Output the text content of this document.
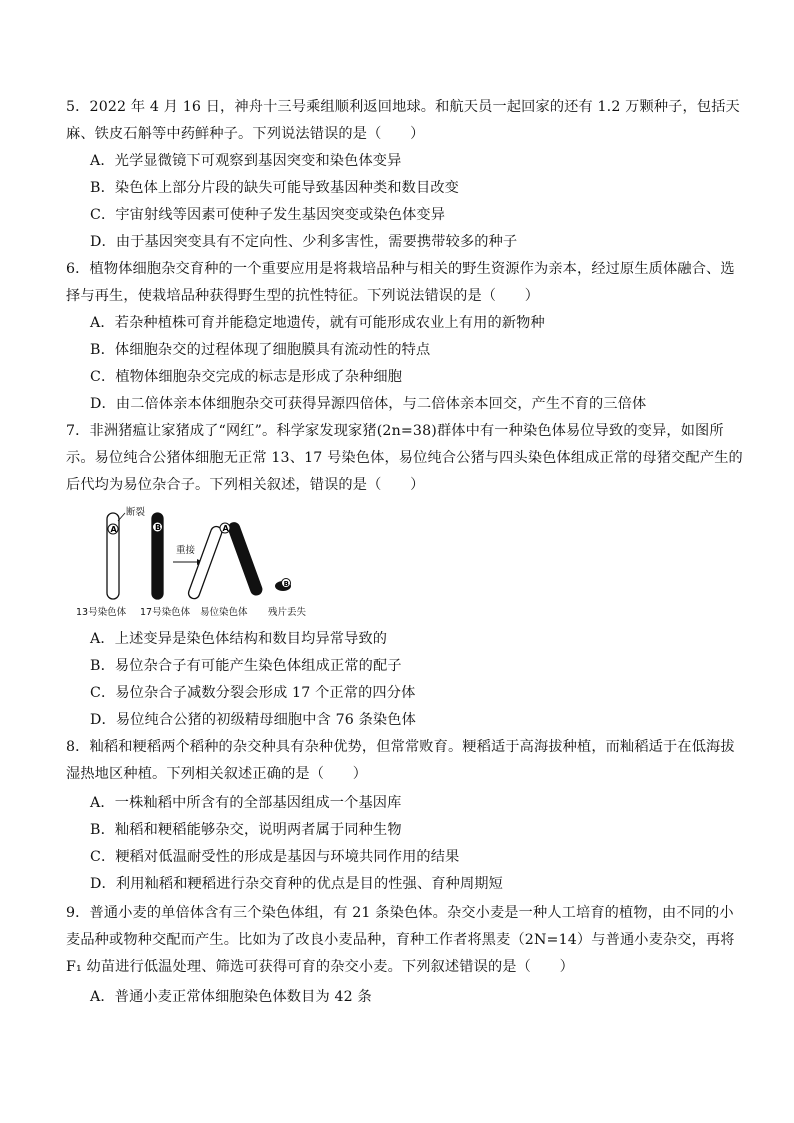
5．2022 年 4 月 16 日，神舟十三号乘组顺利返回地球。和航天员一起回家的还有 1.2 万颗种子，包括天麻、铁皮石斛等中药鲜种子。下列说法错误的是（　　）
A．光学显微镜下可观察到基因突变和染色体变异
B．染色体上部分片段的缺失可能导致基因种类和数目改变
C．宇宙射线等因素可使种子发生基因突变或染色体变异
D．由于基因突变具有不定向性、少利多害性，需要携带较多的种子
6．植物体细胞杂交育种的一个重要应用是将栽培品种与相关的野生资源作为亲本，经过原生质体融合、选择与再生，使栽培品种获得野生型的抗性特征。下列说法错误的是（　　）
A．若杂种植株可育并能稳定地遗传，就有可能形成农业上有用的新物种
B．体细胞杂交的过程体现了细胞膜具有流动性的特点
C．植物体细胞杂交完成的标志是形成了杂种细胞
D．由二倍体亲本体细胞杂交可获得异源四倍体，与二倍体亲本回交，产生不育的三倍体
7．非洲猪瘟让家猪成了“网红”。科学家发现家猪(2n=38)群体中有一种染色体易位导致的变异，如图所示。易位纯合公猪体细胞无正常 13、17 号染色体，易位纯合公猪与四头染色体组成正常的母猪交配产生的后代均为易位杂合子。下列相关叙述，错误的是（　　）
A
断裂
B
重接
A
B
13号染色体 17号染色体 易位染色体 残片丢失
A．上述变异是染色体结构和数目均异常导致的
B．易位杂合子有可能产生染色体组成正常的配子
C．易位杂合子减数分裂会形成 17 个正常的四分体
D．易位纯合公猪的初级精母细胞中含 76 条染色体
8．籼稻和粳稻两个稻种的杂交种具有杂种优势，但常常败育。粳稻适于高海拔种植，而籼稻适于在低海拔湿热地区种植。下列相关叙述正确的是（　　）
A．一株籼稻中所含有的全部基因组成一个基因库
B．籼稻和粳稻能够杂交，说明两者属于同种生物
C．粳稻对低温耐受性的形成是基因与环境共同作用的结果
D．利用籼稻和粳稻进行杂交育种的优点是目的性强、育种周期短
9．普通小麦的单倍体含有三个染色体组，有 21 条染色体。杂交小麦是一种人工培育的植物，由不同的小麦品种或物种交配而产生。比如为了改良小麦品种，育种工作者将黑麦（2N=14）与普通小麦杂交，再将 F₁ 幼苗进行低温处理、筛选可获得可育的杂交小麦。下列叙述错误的是（　　）
A．普通小麦正常体细胞染色体数目为 42 条
